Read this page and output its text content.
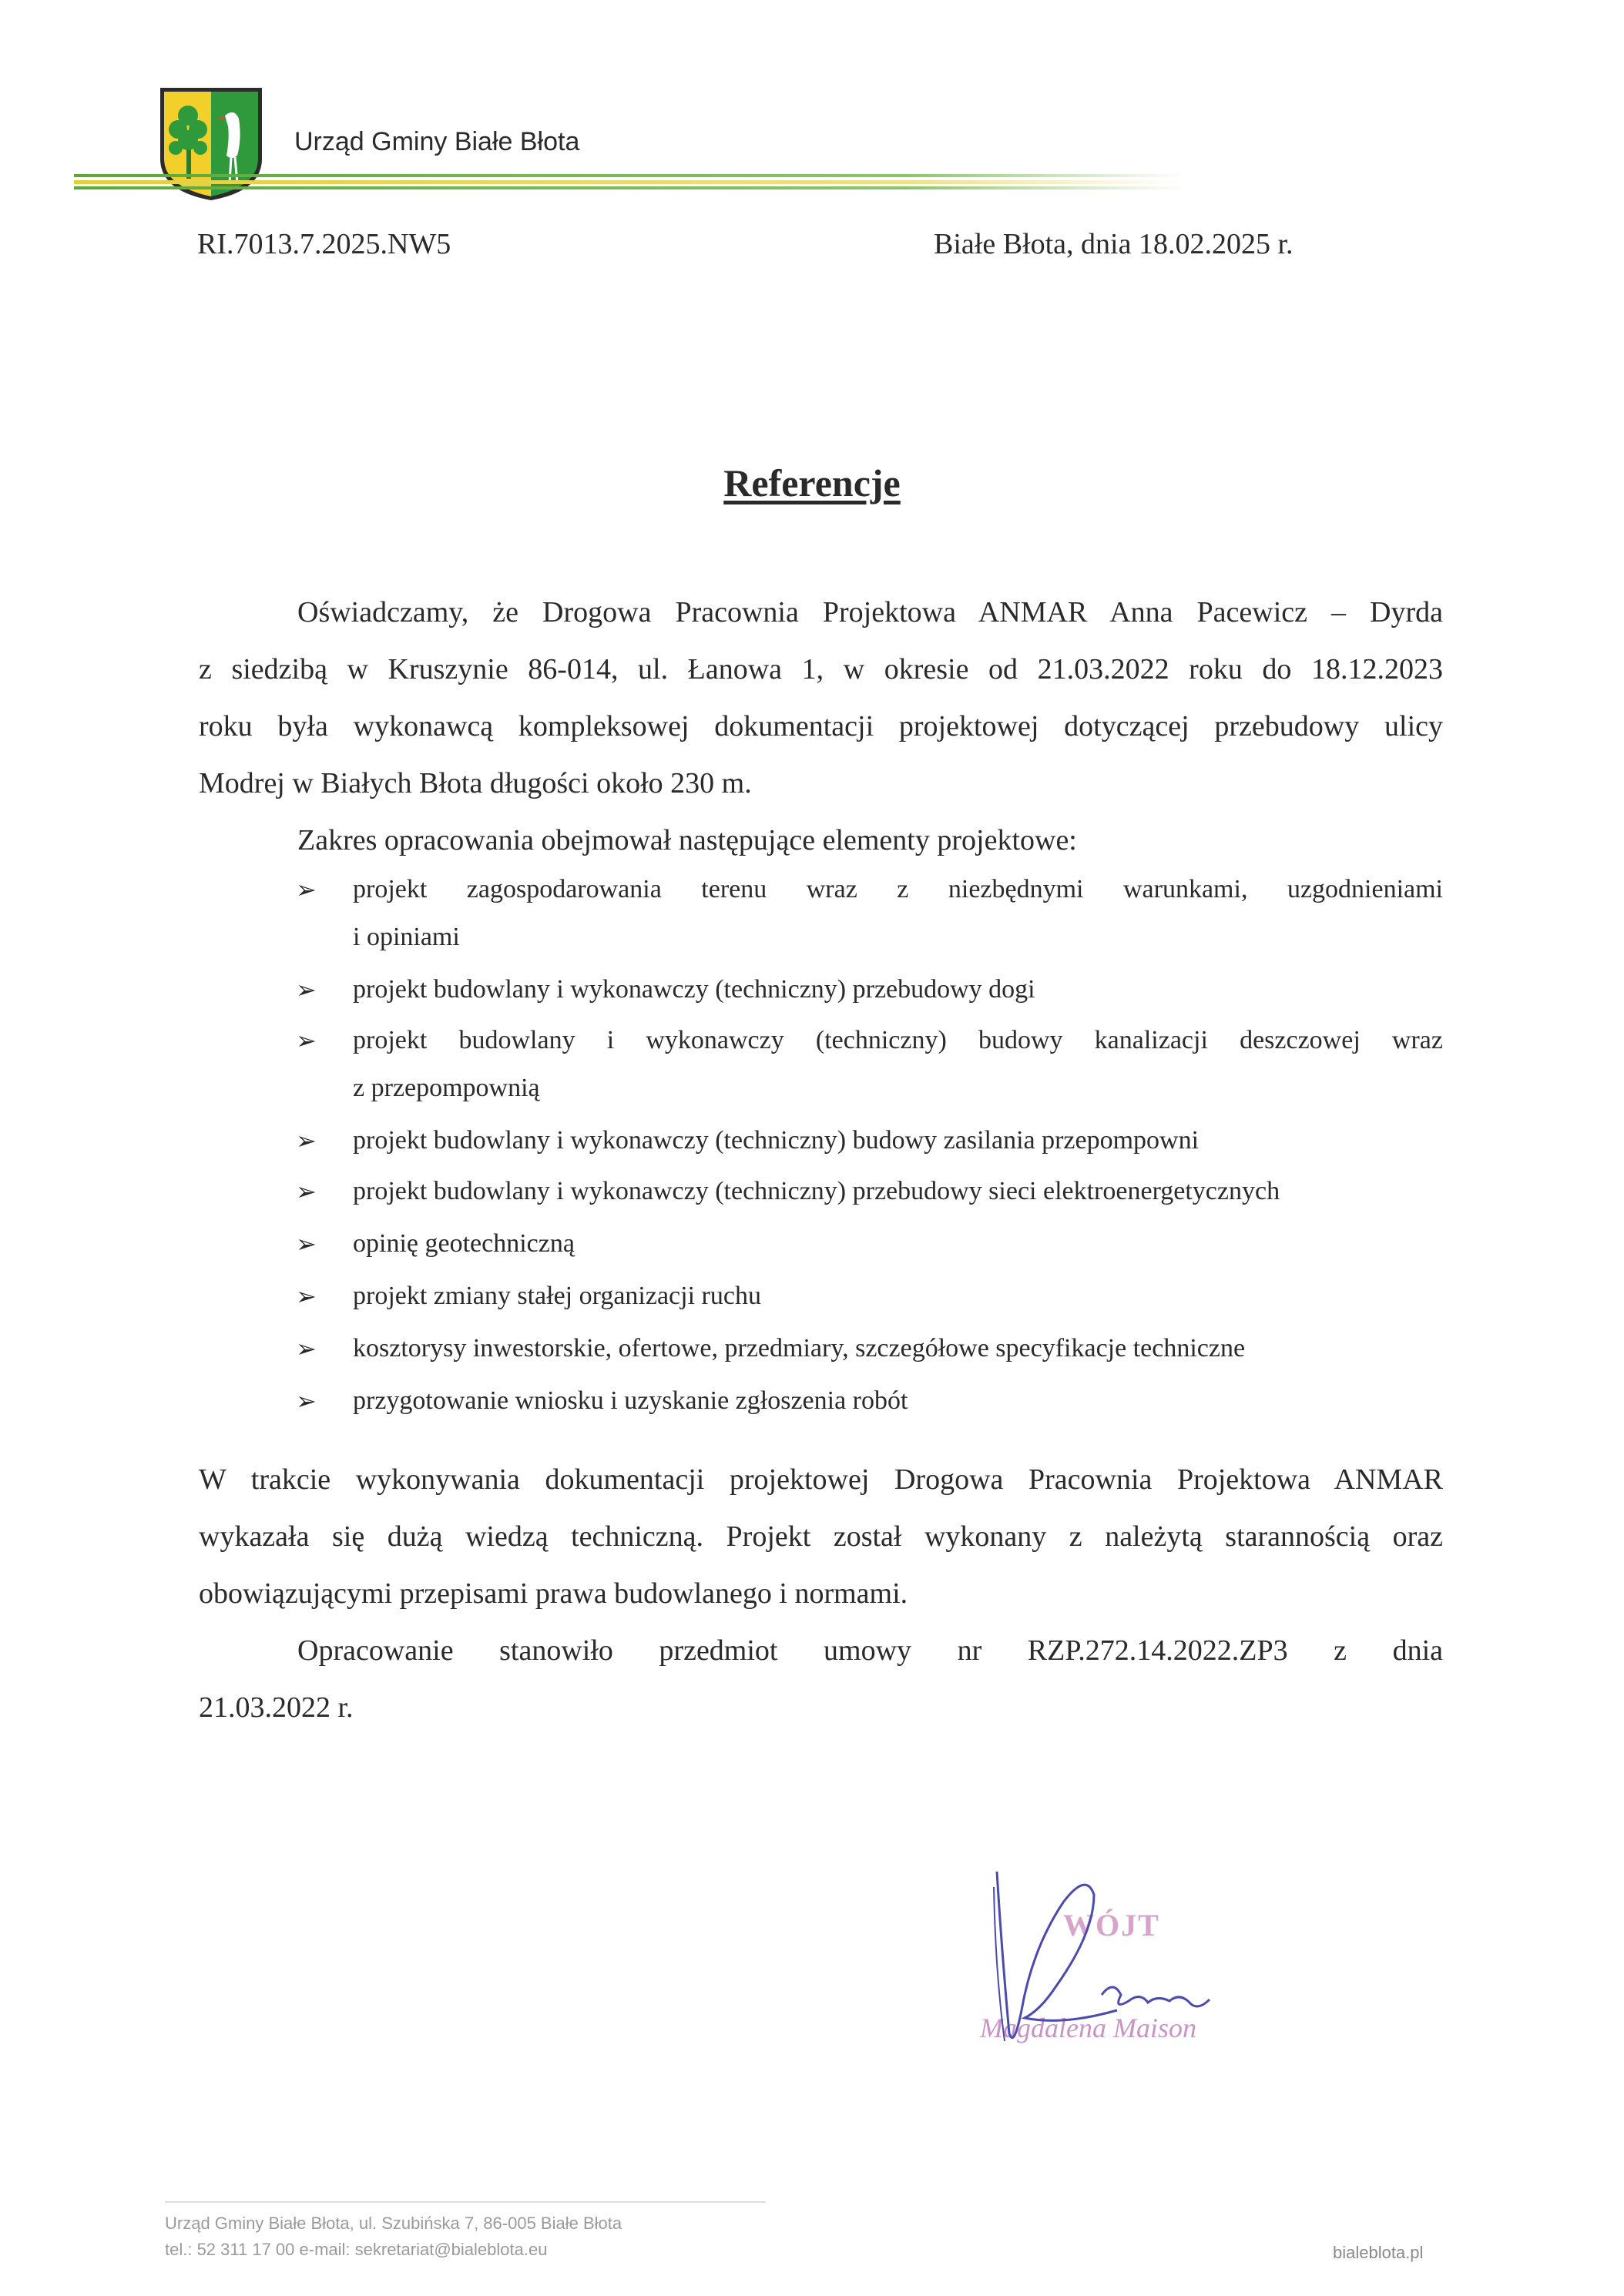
Urząd Gminy Białe Błota
RI.7013.7.2025.NW5	Białe Błota, dnia 18.02.2025 r.
Referencje
Oświadczamy, że Drogowa Pracownia Projektowa ANMAR Anna Pacewicz – Dyrda
z siedzibą w Kruszynie 86-014, ul. Łanowa 1, w okresie od 21.03.2022 roku do 18.12.2023
roku była wykonawcą kompleksowej dokumentacji projektowej dotyczącej przebudowy ulicy
Modrej w Białych Błota długości około 230 m.
Zakres opracowania obejmował następujące elementy projektowe:
➢ projekt zagospodarowania terenu wraz z niezbędnymi warunkami, uzgodnieniami
i opiniami
➢ projekt budowlany i wykonawczy (techniczny) przebudowy dogi
➢ projekt budowlany i wykonawczy (techniczny) budowy kanalizacji deszczowej wraz
z przepompownią
➢ projekt budowlany i wykonawczy (techniczny) budowy zasilania przepompowni
➢ projekt budowlany i wykonawczy (techniczny) przebudowy sieci elektroenergetycznych
➢ opinię geotechniczną
➢ projekt zmiany stałej organizacji ruchu
➢ kosztorysy inwestorskie, ofertowe, przedmiary, szczegółowe specyfikacje techniczne
➢ przygotowanie wniosku i uzyskanie zgłoszenia robót
W trakcie wykonywania dokumentacji projektowej Drogowa Pracownia Projektowa ANMAR
wykazała się dużą wiedzą techniczną. Projekt został wykonany z należytą starannością oraz
obowiązującymi przepisami prawa budowlanego i normami.
Opracowanie stanowiło przedmiot umowy nr RZP.272.14.2022.ZP3 z dnia
21.03.2022 r.
WÓJT
Magdalena Maison
Urząd Gminy Białe Błota, ul. Szubińska 7, 86-005 Białe Błota
tel.: 52 311 17 00 e-mail: sekretariat@bialeblota.eu	bialeblota.pl
